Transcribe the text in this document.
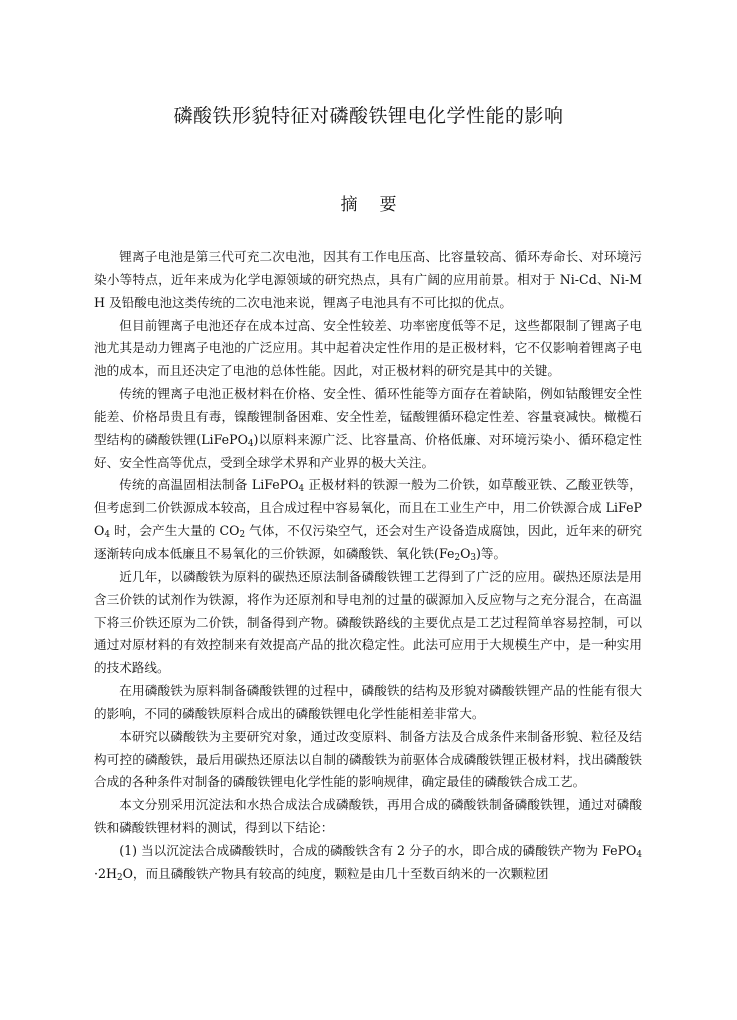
磷酸铁形貌特征对磷酸铁锂电化学性能的影响
摘要

锂离子电池是第三代可充二次电池，因其有工作电压高、比容量较高、循环寿命长、对环境污染小等特点，近年来成为化学电源领域的研究热点，具有广阔的应用前景。相对于 Ni-Cd、Ni-MH 及铅酸电池这类传统的二次电池来说，锂离子电池具有不可比拟的优点。

但目前锂离子电池还存在成本过高、安全性较差、功率密度低等不足，这些都限制了锂离子电池尤其是动力锂离子电池的广泛应用。其中起着决定性作用的是正极材料，它不仅影响着锂离子电池的成本，而且还决定了电池的总体性能。因此，对正极材料的研究是其中的关键。

传统的锂离子电池正极材料在价格、安全性、循环性能等方面存在着缺陷，例如钴酸锂安全性能差、价格昂贵且有毒，镍酸锂制备困难、安全性差，锰酸锂循环稳定性差、容量衰减快。橄榄石型结构的磷酸铁锂(LiFePO$_4$)以原料来源广泛、比容量高、价格低廉、对环境污染小、循环稳定性好、安全性高等优点，受到全球学术界和产业界的极大关注。

传统的高温固相法制备 LiFePO$_4$ 正极材料的铁源一般为二价铁，如草酸亚铁、乙酸亚铁等，但考虑到二价铁源成本较高，且合成过程中容易氧化，而且在工业生产中，用二价铁源合成 LiFePO$_4$ 时，会产生大量的 $CO_2$ 气体，不仅污染空气，还会对生产设备造成腐蚀，因此，近年来的研究逐渐转向成本低廉且不易氧化的三价铁源，如磷酸铁、氧化铁$(Fe_2O_3)$等。

近几年，以磷酸铁为原料的碳热还原法制备磷酸铁锂工艺得到了广泛的应用。碳热还原法是用含三价铁的试剂作为铁源，将作为还原剂和导电剂的过量的碳源加入反应物与之充分混合，在高温下将三价铁还原为二价铁，制备得到产物。磷酸铁路线的主要优点是工艺过程简单容易控制，可以通过对原材料的有效控制来有效提高产品的批次稳定性。此法可应用于大规模生产中，是一种实用的技术路线。

在用磷酸铁为原料制备磷酸铁锂的过程中，磷酸铁的结构及形貌对磷酸铁锂产品的性能有很大的影响，不同的磷酸铁原料合成出的磷酸铁锂电化学性能相差非常大。

本研究以磷酸铁为主要研究对象，通过改变原料、制备方法及合成条件来制备形貌、粒径及结构可控的磷酸铁，最后用碳热还原法以自制的磷酸铁为前驱体合成磷酸铁锂正极材料，找出磷酸铁合成的各种条件对制备的磷酸铁锂电化学性能的影响规律，确定最佳的磷酸铁合成工艺。

本文分别采用沉淀法和水热合成法合成磷酸铁，再用合成的磷酸铁制备磷酸铁锂，通过对磷酸铁和磷酸铁锂材料的测试，得到以下结论：

(1) 当以沉淀法合成磷酸铁时，合成的磷酸铁含有 2 分子的水，即合成的磷酸铁产物为 $FePO_4\cdot 2H_2O$，而且磷酸铁产物具有较高的纯度，颗粒是由几十至数百纳米的一次颗粒团
